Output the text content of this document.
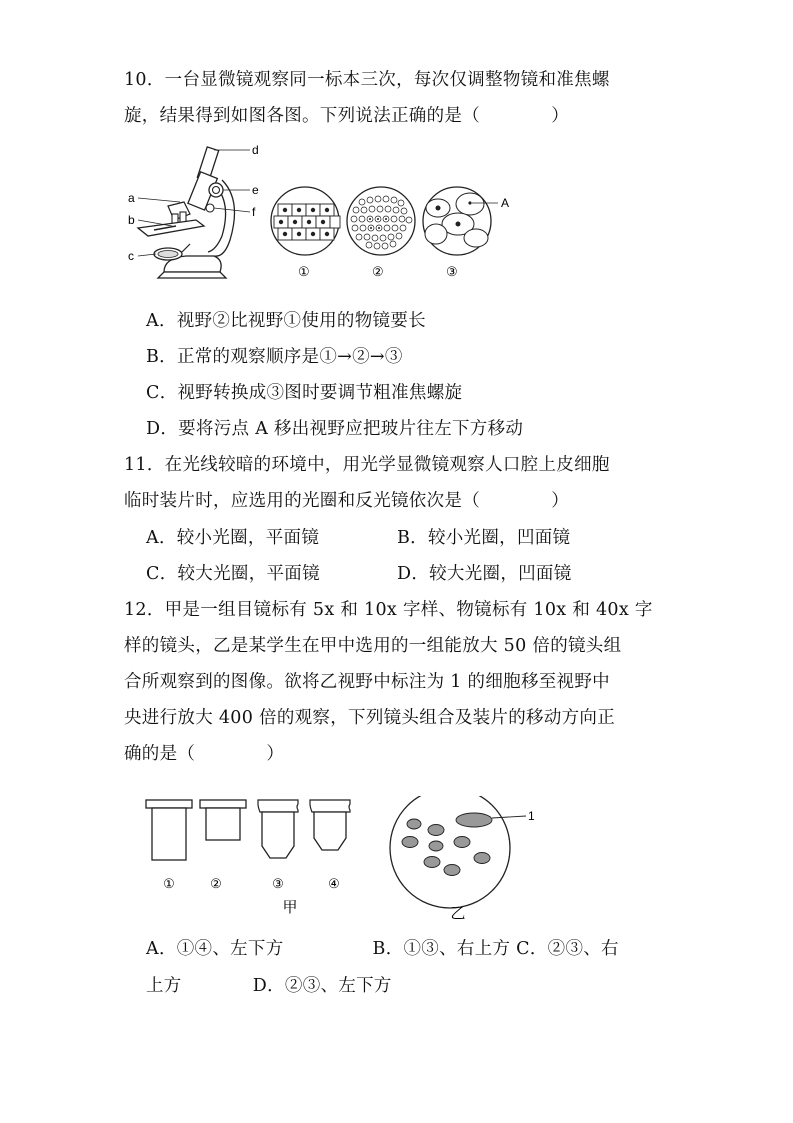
10．一台显微镜观察同一标本三次，每次仅调整物镜和准焦螺
旋，结果得到如图各图。下列说法正确的是（　　　　）
a
b
c
d
e
f
A
①	②	③
A．视野②比视野①使用的物镜要长
B．正常的观察顺序是①→②→③
C．视野转换成③图时要调节粗准焦螺旋
D．要将污点 A 移出视野应把玻片往左下方移动
11．在光线较暗的环境中，用光学显微镜观察人口腔上皮细胞
临时装片时，应选用的光圈和反光镜依次是（　　　　）
A．较小光圈，平面镜	B．较小光圈，凹面镜
C．较大光圈，平面镜	D．较大光圈，凹面镜
12．甲是一组目镜标有 5x 和 10x 字样、物镜标有 10x 和 40x 字
样的镜头，乙是某学生在甲中选用的一组能放大 50 倍的镜头组
合所观察到的图像。欲将乙视野中标注为 1 的细胞移至视野中
央进行放大 400 倍的观察，下列镜头组合及装片的移动方向正
确的是（　　　　）
①	②	③	④
甲
1
乙
A．①④、左下方　　　　　B．①③、右上方 C．②③、右
上方　　　　D．②③、左下方
